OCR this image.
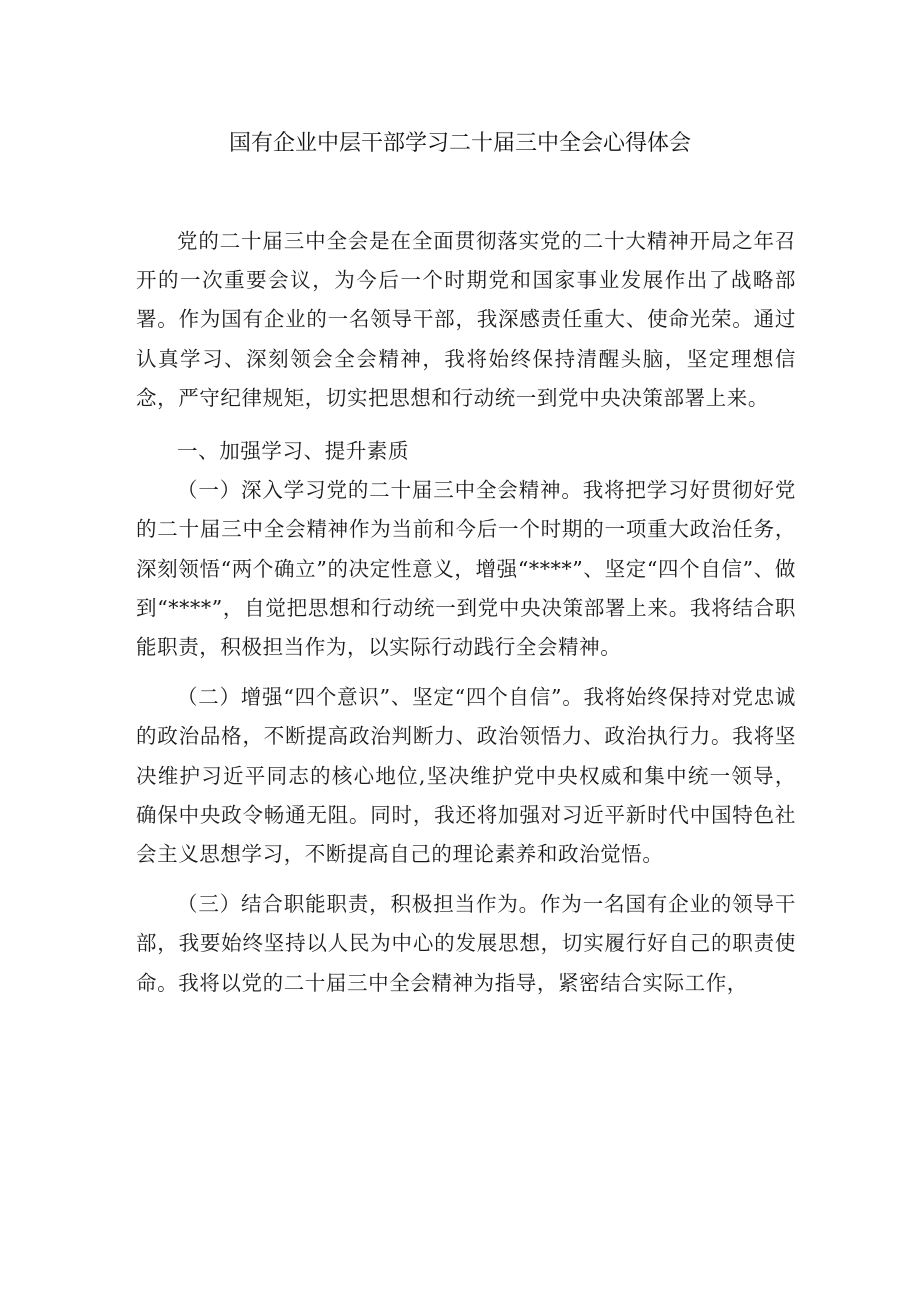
国有企业中层干部学习二十届三中全会心得体会

党的二十届三中全会是在全面贯彻落实党的二十大精神开局之年召开的一次重要会议，为今后一个时期党和国家事业发展作出了战略部署。作为国有企业的一名领导干部，我深感责任重大、使命光荣。通过认真学习、深刻领会全会精神，我将始终保持清醒头脑，坚定理想信念，严守纪律规矩，切实把思想和行动统一到党中央决策部署上来。

一、加强学习、提升素质

（一）深入学习党的二十届三中全会精神。我将把学习好贯彻好党的二十届三中全会精神作为当前和今后一个时期的一项重大政治任务，深刻领悟“两个确立”的决定性意义，增强“****”、坚定“四个自信”、做到“****”，自觉把思想和行动统一到党中央决策部署上来。我将结合职能职责，积极担当作为，以实际行动践行全会精神。

（二）增强“四个意识”、坚定“四个自信”。我将始终保持对党忠诚的政治品格，不断提高政治判断力、政治领悟力、政治执行力。我将坚决维护习近平同志的核心地位,坚决维护党中央权威和集中统一领导，确保中央政令畅通无阻。同时，我还将加强对习近平新时代中国特色社会主义思想学习，不断提高自己的理论素养和政治觉悟。

（三）结合职能职责，积极担当作为。作为一名国有企业的领导干部，我要始终坚持以人民为中心的发展思想，切实履行好自己的职责使命。我将以党的二十届三中全会精神为指导，紧密结合实际工作，
